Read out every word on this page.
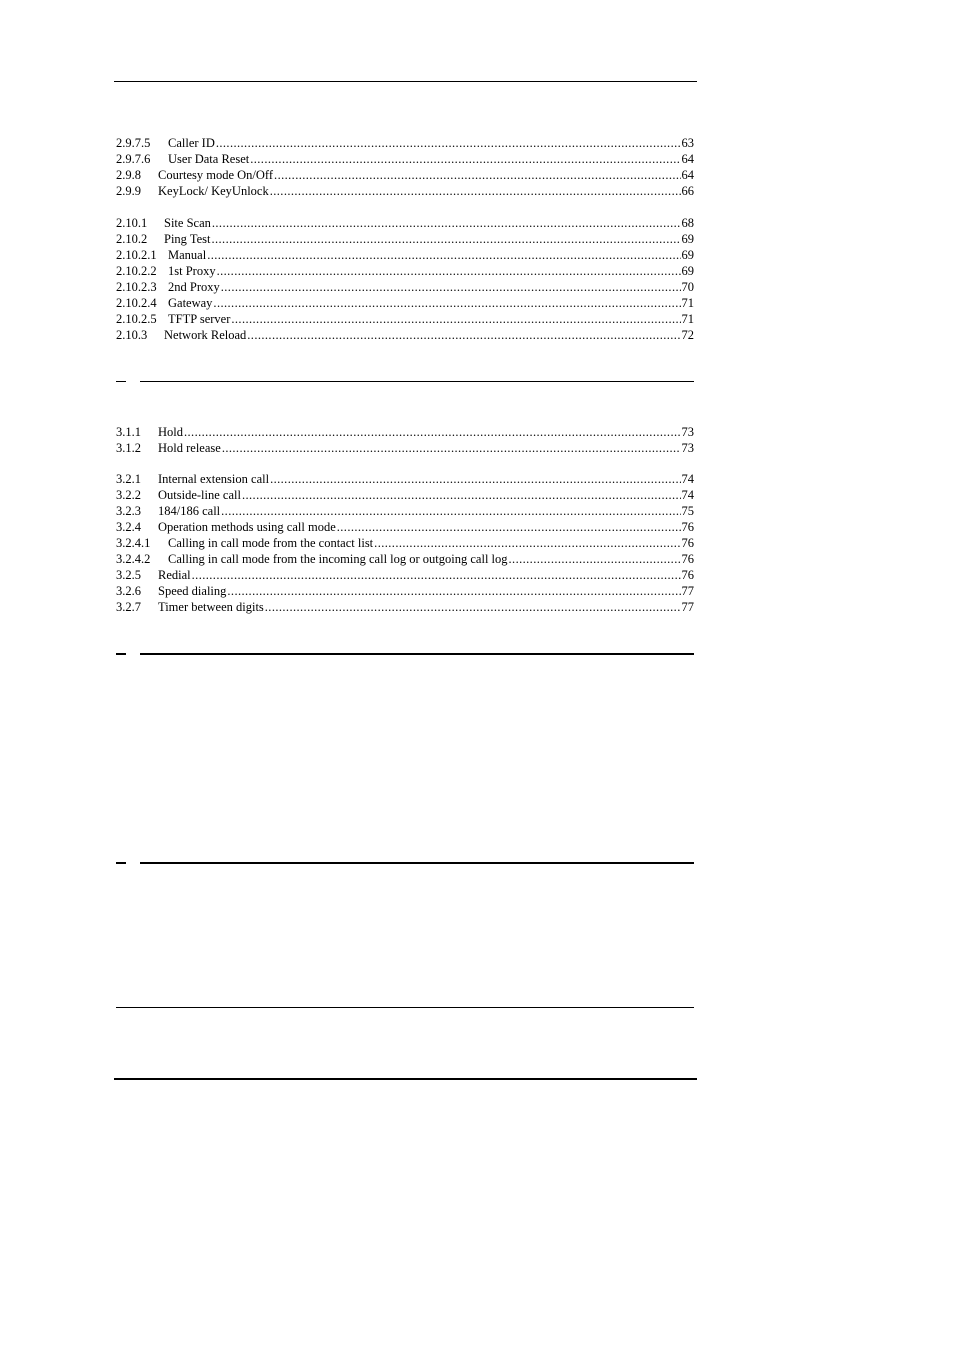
2.9.7.5	Caller ID .....	63
2.9.7.6	User Data Reset .....	64
2.9.8	Courtesy mode On/Off .....	64
2.9.9	KeyLock/ KeyUnlock .....	66
2.10.1	Site Scan .....	68
2.10.2	Ping Test .....	69
2.10.2.1 Manual .....	69
2.10.2.2 1st Proxy .....	69
2.10.2.3 2nd Proxy .....	70
2.10.2.4 Gateway .....	71
2.10.2.5 TFTP server .....	71
2.10.3	Network Reload .....	72
3.1.1	Hold .....	73
3.1.2	Hold release .....	73
3.2.1	Internal extension call .....	74
3.2.2	Outside-line call .....	74
3.2.3	184/186 call .....	75
3.2.4	Operation methods using call mode .....	76
3.2.4.1	Calling in call mode from the contact list .....	76
3.2.4.2	Calling in call mode from the incoming call log or outgoing call log .....	76
3.2.5	Redial .....	76
3.2.6	Speed dialing .....	77
3.2.7	Timer between digits .....	77
